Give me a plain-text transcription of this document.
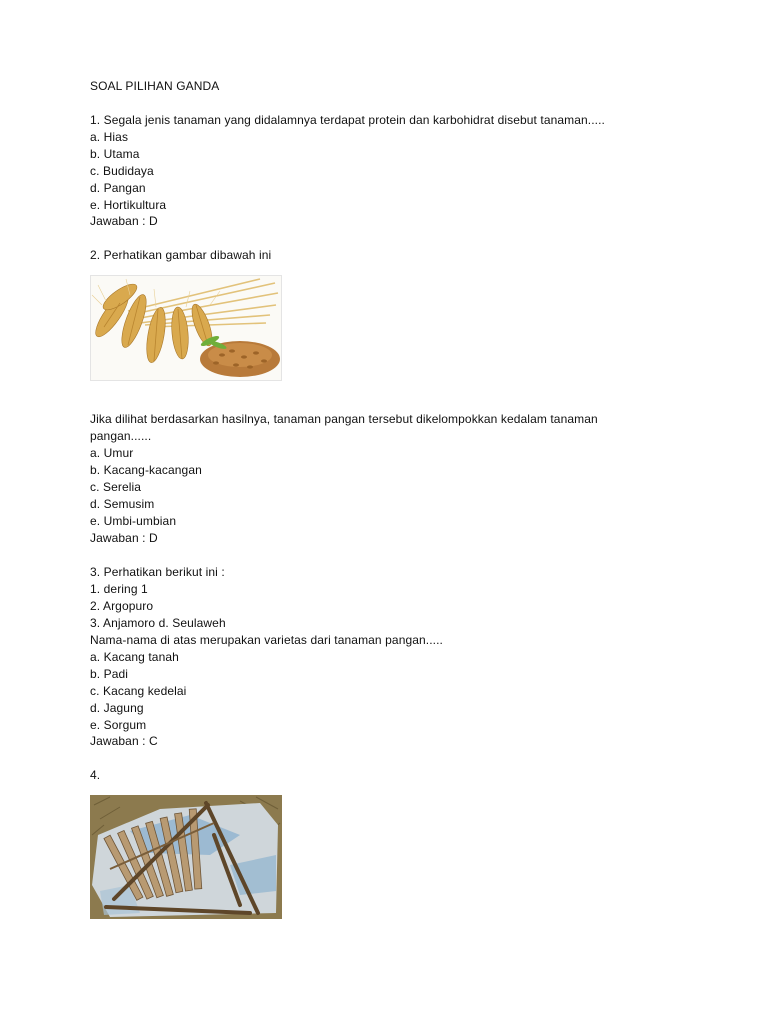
SOAL PILIHAN GANDA
1. Segala jenis tanaman yang didalamnya terdapat protein dan karbohidrat disebut tanaman.....
a. Hias
b. Utama
c. Budidaya
d. Pangan
e. Hortikultura
Jawaban : D
2. Perhatikan gambar dibawah ini
Jika dilihat berdasarkan hasilnya, tanaman pangan tersebut dikelompokkan kedalam tanaman
pangan......
a. Umur
b. Kacang-kacangan
c. Serelia
d. Semusim
e. Umbi-umbian
Jawaban : D
3. Perhatikan berikut ini :
1. dering 1
2. Argopuro
3. Anjamoro d. Seulaweh
Nama-nama di atas merupakan varietas dari tanaman pangan.....
a. Kacang tanah
b. Padi
c. Kacang kedelai
d. Jagung
e. Sorgum
Jawaban : C
4.
